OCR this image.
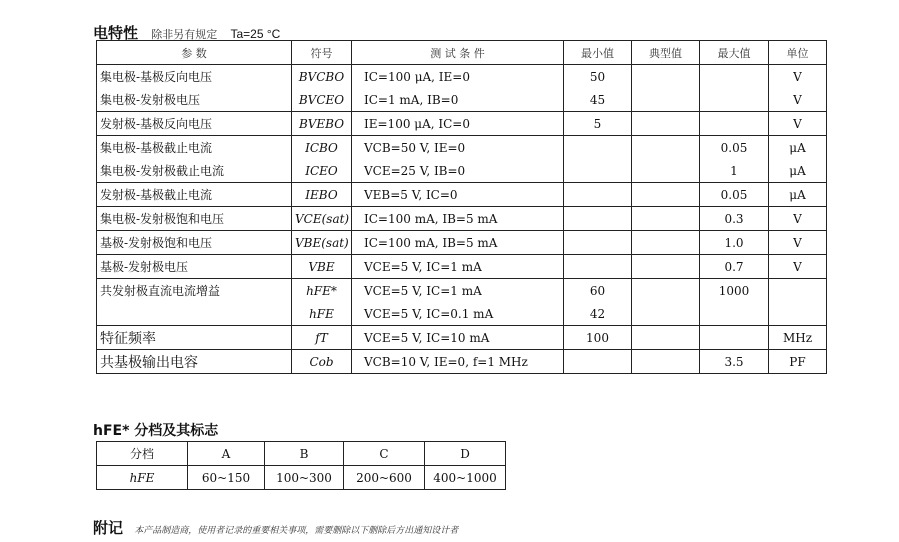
电特性 除非另有规定 Ta=25 °C
参 数	符号	测 试 条 件	最小值	典型值	最大值	单位
集电极-基极反向电压	BVCBO	IC=100 μA, IE=0	50			V
集电极-发射极电压	BVCEO	IC=1 mA, IB=0	45			V
发射极-基极反向电压	BVEBO	IE=100 μA, IC=0	5			V
集电极-基极截止电流	ICBO	VCB=50 V, IE=0			0.05	μA
集电极-发射极截止电流	ICEO	VCE=25 V, IB=0			1	μA
发射极-基极截止电流	IEBO	VEB=5 V, IC=0			0.05	μA
集电极-发射极饱和电压	VCE(sat)	IC=100 mA, IB=5 mA			0.3	V
基极-发射极饱和电压	VBE(sat)	IC=100 mA, IB=5 mA			1.0	V
基极-发射极电压	VBE	VCE=5 V, IC=1 mA			0.7	V
共发射极直流电流增益	hFE*	VCE=5 V, IC=1 mA	60		1000	
	hFE	VCE=5 V, IC=0.1 mA	42			
特征频率	fT	VCE=5 V, IC=10 mA	100			MHz
共基极输出电容	Cob	VCB=10 V, IE=0, f=1 MHz			3.5	PF
hFE* 分档及其标志
分档	A	B	C	D
hFE	60~150	100~300	200~600	400~1000
附记 本产品制造商，使用者记录的重要相关事项，需要删除以下删除后方出通知设计者
